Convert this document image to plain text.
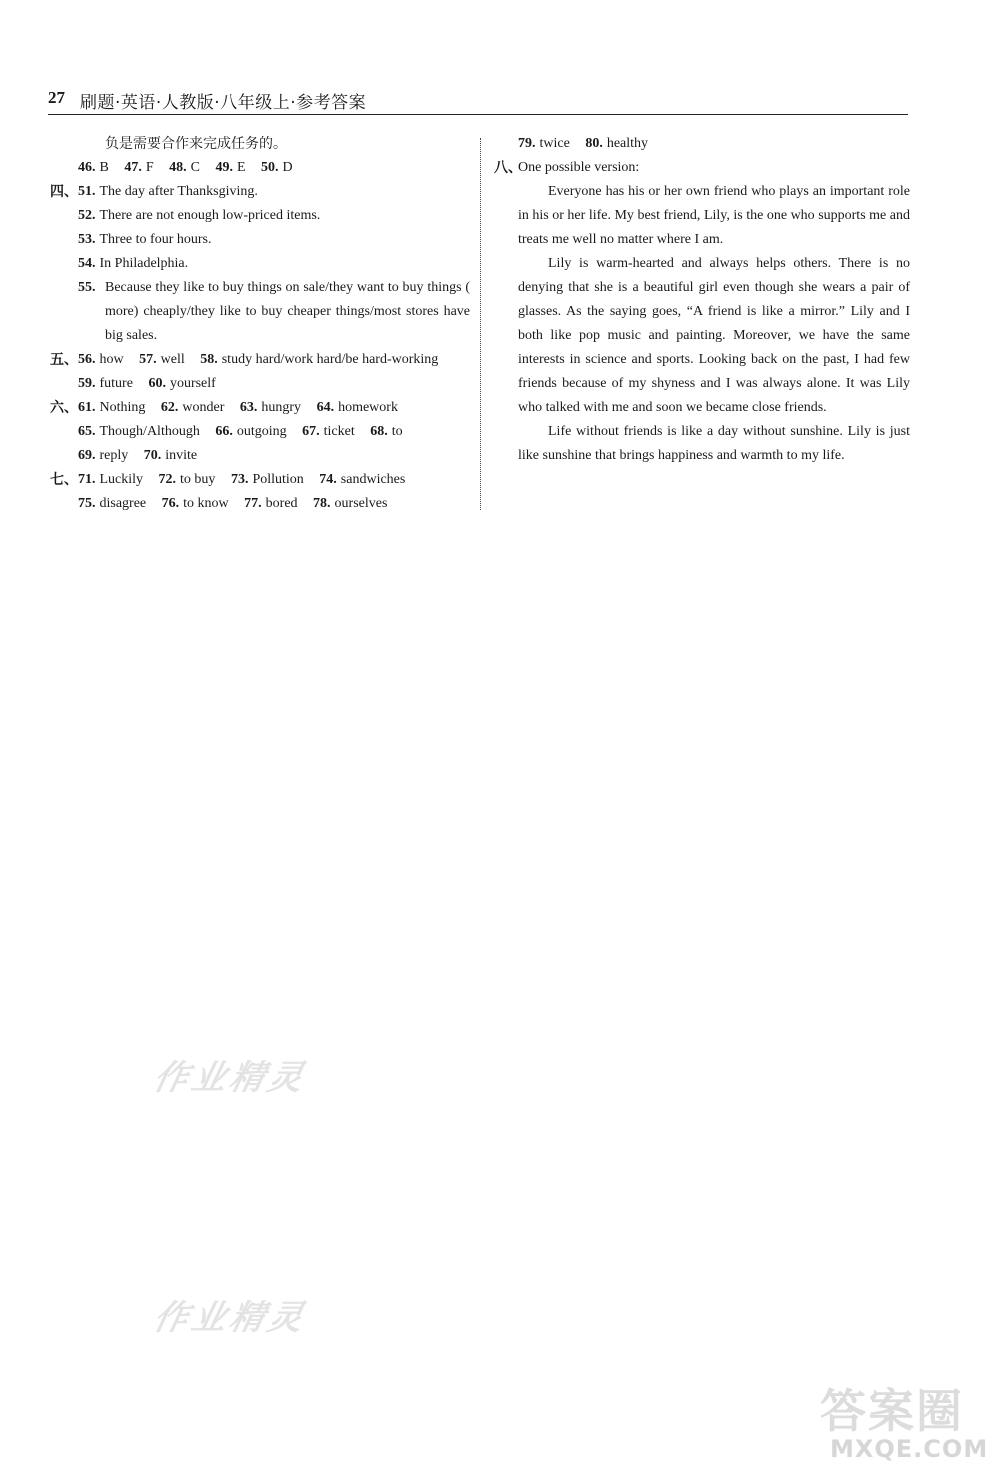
27 刷题·英语·人教版·八年级上·参考答案
负是需要合作来完成任务的。
46. B 47. F 48. C 49. E 50. D
四、 51. The day after Thanksgiving.
52. There are not enough low-priced items.
53. Three to four hours.
54. In Philadelphia.
55. Because they like to buy things on sale/they want to buy things ( more) cheaply/they like to buy cheaper things/most stores have big sales.
五、 56. how 57. well 58. study hard/work hard/be hard-working
59. future 60. yourself
六、 61. Nothing 62. wonder 63. hungry 64. homework
65. Though/Although 66. outgoing 67. ticket 68. to
69. reply 70. invite
七、 71. Luckily 72. to buy 73. Pollution 74. sandwiches
75. disagree 76. to know 77. bored 78. ourselves
79. twice 80. healthy
八、
One possible version:

Everyone has his or her own friend who plays an important role in his or her life. My best friend, Lily, is the one who supports me and treats me well no matter where I am.

Lily is warm-hearted and always helps others. There is no denying that she is a beautiful girl even though she wears a pair of glasses. As the saying goes, “A friend is like a mirror.” Lily and I both like pop music and painting. Moreover, we have the same interests in science and sports. Looking back on the past, I had few friends because of my shyness and I was always alone. It was Lily who talked with me and soon we became close friends.

Life without friends is like a day without sunshine. Lily is just like sunshine that brings happiness and warmth to my life.

作业精灵
作业精灵
答案圈
MXQE.COM
